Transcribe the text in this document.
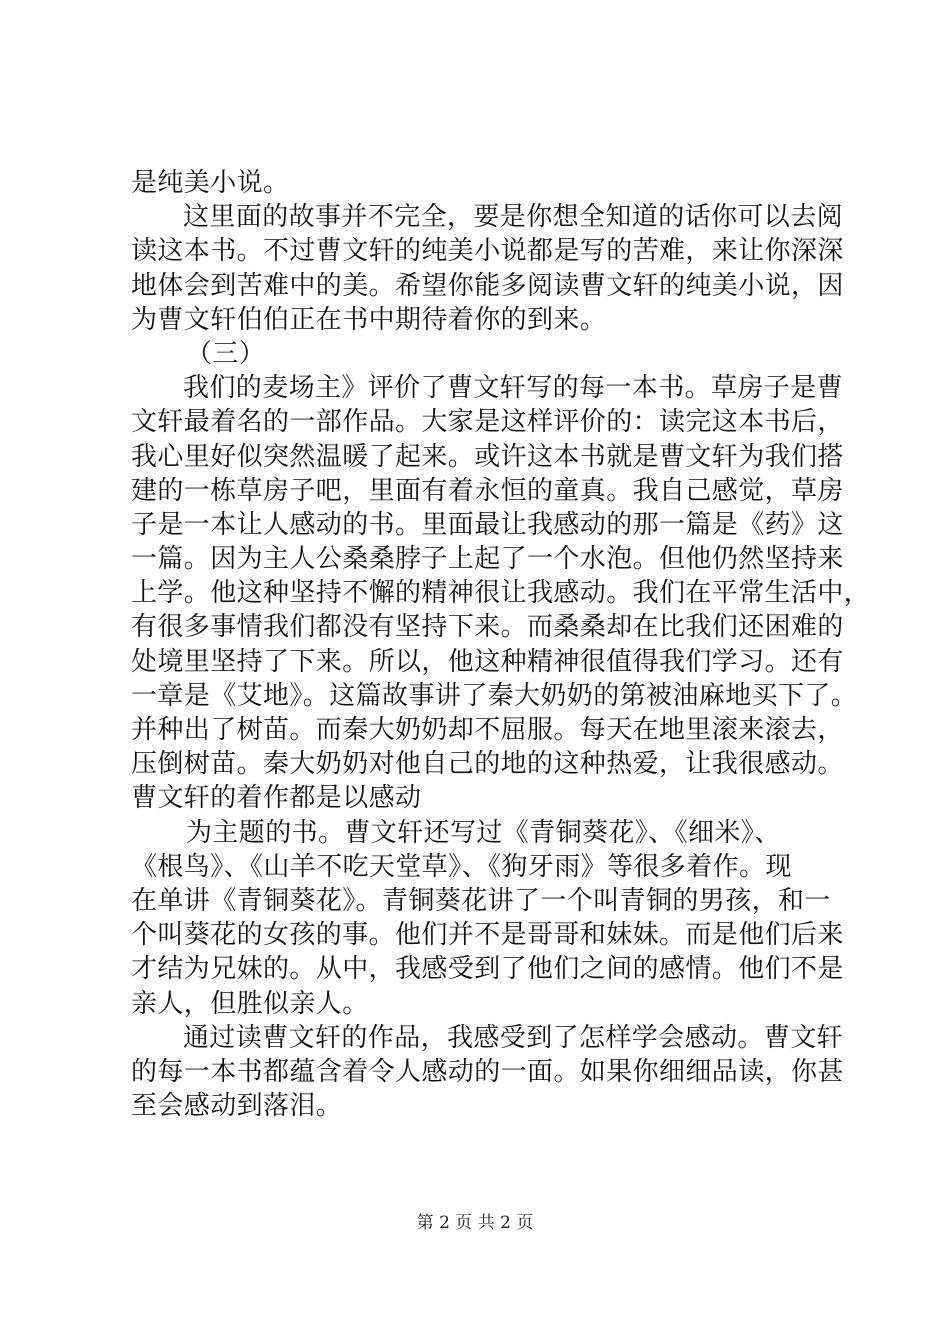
是纯美小说。
这里面的故事并不完全，要是你想全知道的话你可以去阅
读这本书。不过曹文轩的纯美小说都是写的苦难，来让你深深
地体会到苦难中的美。希望你能多阅读曹文轩的纯美小说，因
为曹文轩伯伯正在书中期待着你的到来。
（三）
我们的麦场主》评价了曹文轩写的每一本书。草房子是曹
文轩最着名的一部作品。大家是这样评价的：读完这本书后，
我心里好似突然温暖了起来。或许这本书就是曹文轩为我们搭
建的一栋草房子吧，里面有着永恒的童真。我自己感觉，草房
子是一本让人感动的书。里面最让我感动的那一篇是《药》这
一篇。因为主人公桑桑脖子上起了一个水泡。但他仍然坚持来
上学。他这种坚持不懈的精神很让我感动。我们在平常生活中，
有很多事情我们都没有坚持下来。而桑桑却在比我们还困难的
处境里坚持了下来。所以，他这种精神很值得我们学习。还有
一章是《艾地》。这篇故事讲了秦大奶奶的第被油麻地买下了。
并种出了树苗。而秦大奶奶却不屈服。每天在地里滚来滚去，
压倒树苗。秦大奶奶对他自己的地的这种热爱，让我很感动。
曹文轩的着作都是以感动
为主题的书。曹文轩还写过《青铜葵花》、《细米》、
《根鸟》、《山羊不吃天堂草》、《狗牙雨》等很多着作。现
在单讲《青铜葵花》。青铜葵花讲了一个叫青铜的男孩，和一
个叫葵花的女孩的事。他们并不是哥哥和妹妹。而是他们后来
才结为兄妹的。从中，我感受到了他们之间的感情。他们不是
亲人，但胜似亲人。
通过读曹文轩的作品，我感受到了怎样学会感动。曹文轩
的每一本书都蕴含着令人感动的一面。如果你细细品读，你甚
至会感动到落泪。
第 2 页 共 2 页
